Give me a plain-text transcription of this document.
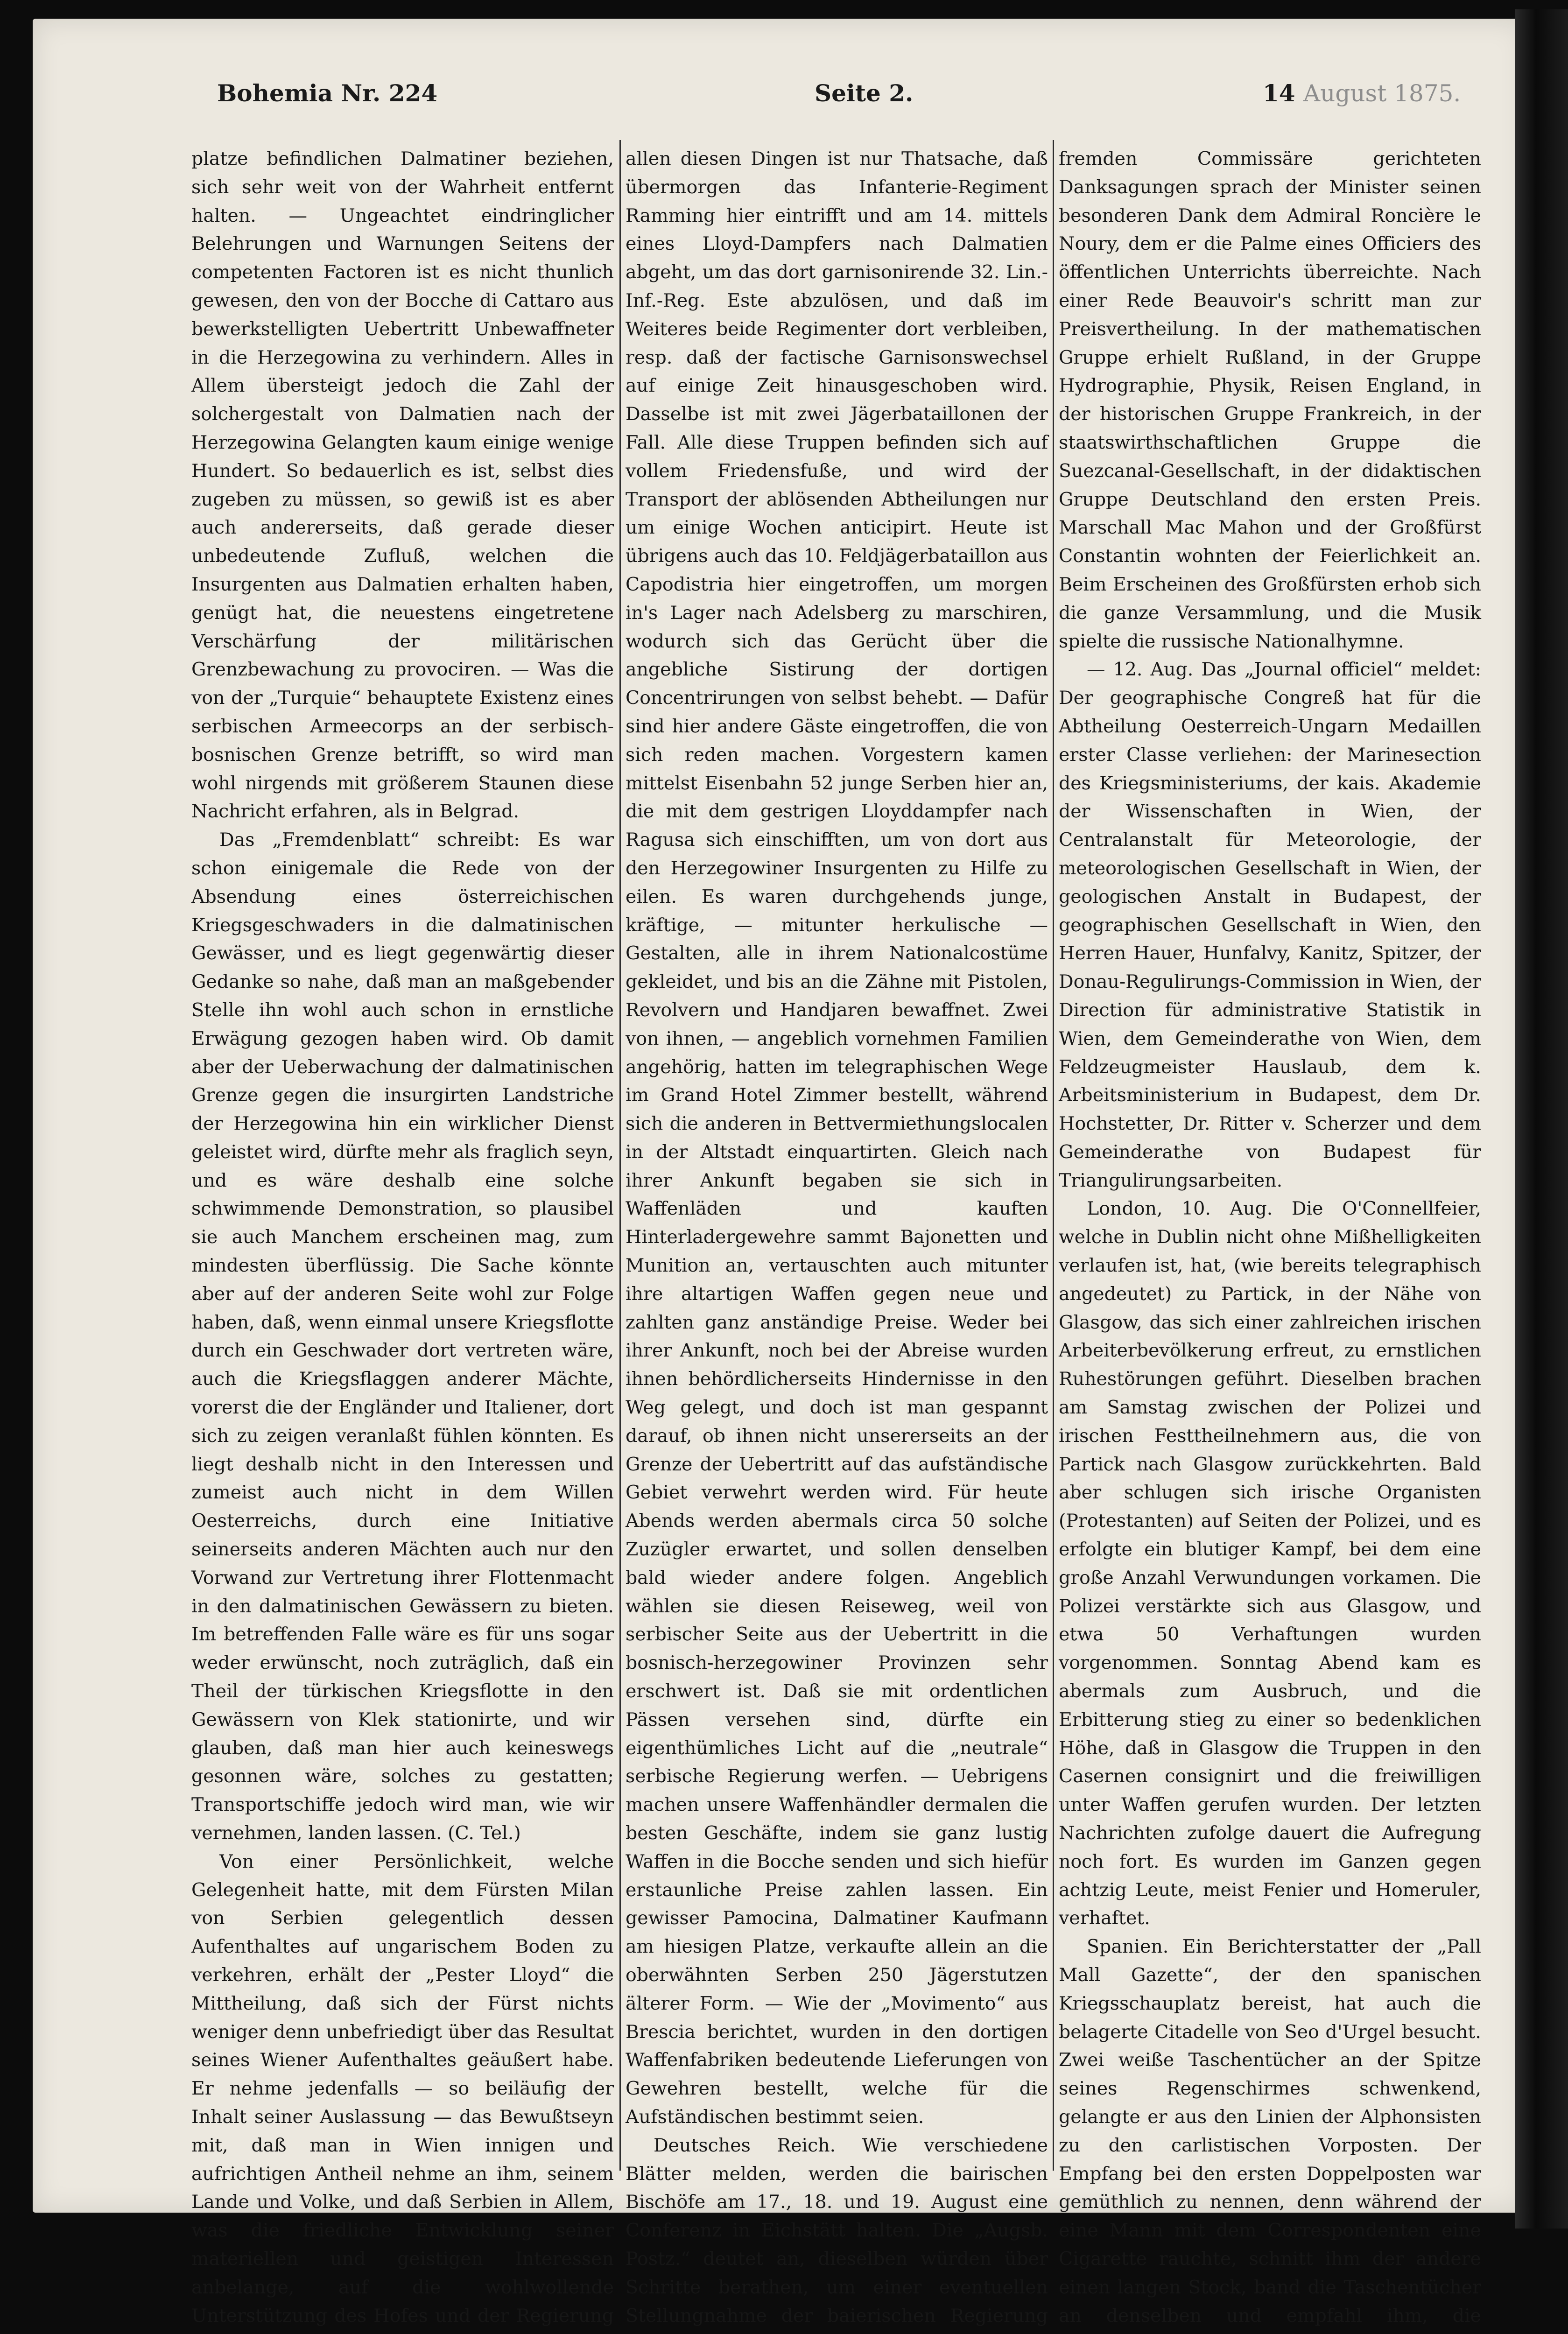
Bohemia Nr. 224	Seite 2.	14 August 1875.

platze befindlichen Dalmatiner beziehen, sich sehr weit von der Wahrheit entfernt halten. — Ungeachtet eindringlicher Belehrungen und Warnungen Seitens der competenten Factoren ist es nicht thunlich gewesen, den von der Bocche di Cattaro aus bewerkstelligten Uebertritt Unbewaffneter in die Herzegowina zu verhindern. Alles in Allem übersteigt jedoch die Zahl der solchergestalt von Dalmatien nach der Herzegowina Gelangten kaum einige wenige Hundert. So bedauerlich es ist, selbst dies zugeben zu müssen, so gewiß ist es aber auch andererseits, daß gerade dieser unbedeutende Zufluß, welchen die Insurgenten aus Dalmatien erhalten haben, genügt hat, die neuestens eingetretene Verschärfung der militärischen Grenzbewachung zu provociren. — Was die von der „Turquie“ behauptete Existenz eines serbischen Armeecorps an der serbisch-bosnischen Grenze betrifft, so wird man wohl nirgends mit größerem Staunen diese Nachricht erfahren, als in Belgrad.

Das „Fremdenblatt“ schreibt: Es war schon einigemale die Rede von der Absendung eines österreichischen Kriegsgeschwaders in die dalmatinischen Gewässer, und es liegt gegenwärtig dieser Gedanke so nahe, daß man an maßgebender Stelle ihn wohl auch schon in ernstliche Erwägung gezogen haben wird. Ob damit aber der Ueberwachung der dalmatinischen Grenze gegen die insurgirten Landstriche der Herzegowina hin ein wirklicher Dienst geleistet wird, dürfte mehr als fraglich seyn, und es wäre deshalb eine solche schwimmende Demonstration, so plausibel sie auch Manchem erscheinen mag, zum mindesten überflüssig. Die Sache könnte aber auf der anderen Seite wohl zur Folge haben, daß, wenn einmal unsere Kriegsflotte durch ein Geschwader dort vertreten wäre, auch die Kriegsflaggen anderer Mächte, vorerst die der Engländer und Italiener, dort sich zu zeigen veranlaßt fühlen könnten. Es liegt deshalb nicht in den Interessen und zumeist auch nicht in dem Willen Oesterreichs, durch eine Initiative seinerseits anderen Mächten auch nur den Vorwand zur Vertretung ihrer Flottenmacht in den dalmatinischen Gewässern zu bieten. Im betreffenden Falle wäre es für uns sogar weder erwünscht, noch zuträglich, daß ein Theil der türkischen Kriegsflotte in den Gewässern von Klek stationirte, und wir glauben, daß man hier auch keineswegs gesonnen wäre, solches zu gestatten; Transportschiffe jedoch wird man, wie wir vernehmen, landen lassen. (C. Tel.)

Von einer Persönlichkeit, welche Gelegenheit hatte, mit dem Fürsten Milan von Serbien gelegentlich dessen Aufenthaltes auf ungarischem Boden zu verkehren, erhält der „Pester Lloyd“ die Mittheilung, daß sich der Fürst nichts weniger denn unbefriedigt über das Resultat seines Wiener Aufenthaltes geäußert habe. Er nehme jedenfalls — so beiläufig der Inhalt seiner Auslassung — das Bewußtseyn mit, daß man in Wien innigen und aufrichtigen Antheil nehme an ihm, seinem Lande und Volke, und daß Serbien in Allem, was die friedliche Entwicklung seiner materiellen und geistigen Interessen anbelange, auf die wohlwollende Unterstützung des Hofes und der Regierung

allen diesen Dingen ist nur Thatsache, daß übermorgen das Infanterie-Regiment Ramming hier eintrifft und am 14. mittels eines Lloyd-Dampfers nach Dalmatien abgeht, um das dort garnisonirende 32. Lin.-Inf.-Reg. Este abzulösen, und daß im Weiteres beide Regimenter dort verbleiben, resp. daß der factische Garnisonswechsel auf einige Zeit hinausgeschoben wird. Dasselbe ist mit zwei Jägerbataillonen der Fall. Alle diese Truppen befinden sich auf vollem Friedensfuße, und wird der Transport der ablösenden Abtheilungen nur um einige Wochen anticipirt. Heute ist übrigens auch das 10. Feldjägerbataillon aus Capodistria hier eingetroffen, um morgen in's Lager nach Adelsberg zu marschiren, wodurch sich das Gerücht über die angebliche Sistirung der dortigen Concentrirungen von selbst behebt. — Dafür sind hier andere Gäste eingetroffen, die von sich reden machen. Vorgestern kamen mittelst Eisenbahn 52 junge Serben hier an, die mit dem gestrigen Lloyddampfer nach Ragusa sich einschifften, um von dort aus den Herzegowiner Insurgenten zu Hilfe zu eilen. Es waren durchgehends junge, kräftige, — mitunter herkulische — Gestalten, alle in ihrem Nationalcostüme gekleidet, und bis an die Zähne mit Pistolen, Revolvern und Handjaren bewaffnet. Zwei von ihnen, — angeblich vornehmen Familien angehörig, hatten im telegraphischen Wege im Grand Hotel Zimmer bestellt, während sich die anderen in Bettvermiethungslocalen in der Altstadt einquartirten. Gleich nach ihrer Ankunft begaben sie sich in Waffenläden und kauften Hinterladergewehre sammt Bajonetten und Munition an, vertauschten auch mitunter ihre altartigen Waffen gegen neue und zahlten ganz anständige Preise. Weder bei ihrer Ankunft, noch bei der Abreise wurden ihnen behördlicherseits Hindernisse in den Weg gelegt, und doch ist man gespannt darauf, ob ihnen nicht unsererseits an der Grenze der Uebertritt auf das aufständische Gebiet verwehrt werden wird. Für heute Abends werden abermals circa 50 solche Zuzügler erwartet, und sollen denselben bald wieder andere folgen. Angeblich wählen sie diesen Reiseweg, weil von serbischer Seite aus der Uebertritt in die bosnisch-herzegowiner Provinzen sehr erschwert ist. Daß sie mit ordentlichen Pässen versehen sind, dürfte ein eigenthümliches Licht auf die „neutrale“ serbische Regierung werfen. — Uebrigens machen unsere Waffenhändler dermalen die besten Geschäfte, indem sie ganz lustig Waffen in die Bocche senden und sich hiefür erstaunliche Preise zahlen lassen. Ein gewisser Pamocina, Dalmatiner Kaufmann am hiesigen Platze, verkaufte allein an die oberwähnten Serben 250 Jägerstutzen älterer Form. — Wie der „Movimento“ aus Brescia berichtet, wurden in den dortigen Waffenfabriken bedeutende Lieferungen von Gewehren bestellt, welche für die Aufständischen bestimmt seien.

Deutsches Reich. Wie verschiedene Blätter melden, werden die bairischen Bischöfe am 17., 18. und 19. August eine Conferenz in Eichstätt halten. Die „Augsb. Postz.“ deutet an, dieselben würden über Schritte berathen, um einer eventuellen Stellungnahme der baierischen Regierung

fremden Commissäre gerichteten Danksagungen sprach der Minister seinen besonderen Dank dem Admiral Roncière le Noury, dem er die Palme eines Officiers des öffentlichen Unterrichts überreichte. Nach einer Rede Beauvoir's schritt man zur Preisvertheilung. In der mathematischen Gruppe erhielt Rußland, in der Gruppe Hydrographie, Physik, Reisen England, in der historischen Gruppe Frankreich, in der staatswirthschaftlichen Gruppe die Suezcanal-Gesellschaft, in der didaktischen Gruppe Deutschland den ersten Preis. Marschall Mac Mahon und der Großfürst Constantin wohnten der Feierlichkeit an. Beim Erscheinen des Großfürsten erhob sich die ganze Versammlung, und die Musik spielte die russische Nationalhymne.

— 12. Aug. Das „Journal officiel“ meldet: Der geographische Congreß hat für die Abtheilung Oesterreich-Ungarn Medaillen erster Classe verliehen: der Marinesection des Kriegsministeriums, der kais. Akademie der Wissenschaften in Wien, der Centralanstalt für Meteorologie, der meteorologischen Gesellschaft in Wien, der geologischen Anstalt in Budapest, der geographischen Gesellschaft in Wien, den Herren Hauer, Hunfalvy, Kanitz, Spitzer, der Donau-Regulirungs-Commission in Wien, der Direction für administrative Statistik in Wien, dem Gemeinderathe von Wien, dem Feldzeugmeister Hauslaub, dem k. Arbeitsministerium in Budapest, dem Dr. Hochstetter, Dr. Ritter v. Scherzer und dem Gemeinderathe von Budapest für Triangulirungsarbeiten.

London, 10. Aug. Die O'Connellfeier, welche in Dublin nicht ohne Mißhelligkeiten verlaufen ist, hat, (wie bereits telegraphisch angedeutet) zu Partick, in der Nähe von Glasgow, das sich einer zahlreichen irischen Arbeiterbevölkerung erfreut, zu ernstlichen Ruhestörungen geführt. Dieselben brachen am Samstag zwischen der Polizei und irischen Festtheilnehmern aus, die von Partick nach Glasgow zurückkehrten. Bald aber schlugen sich irische Organisten (Protestanten) auf Seiten der Polizei, und es erfolgte ein blutiger Kampf, bei dem eine große Anzahl Verwundungen vorkamen. Die Polizei verstärkte sich aus Glasgow, und etwa 50 Verhaftungen wurden vorgenommen. Sonntag Abend kam es abermals zum Ausbruch, und die Erbitterung stieg zu einer so bedenklichen Höhe, daß in Glasgow die Truppen in den Casernen consignirt und die freiwilligen unter Waffen gerufen wurden. Der letzten Nachrichten zufolge dauert die Aufregung noch fort. Es wurden im Ganzen gegen achtzig Leute, meist Fenier und Homeruler, verhaftet.

Spanien. Ein Berichterstatter der „Pall Mall Gazette“, der den spanischen Kriegsschauplatz bereist, hat auch die belagerte Citadelle von Seo d'Urgel besucht. Zwei weiße Taschentücher an der Spitze seines Regenschirmes schwenkend, gelangte er aus den Linien der Alphonsisten zu den carlistischen Vorposten. Der Empfang bei den ersten Doppelposten war gemüthlich zu nennen, denn während der eine Mann mit dem Correspondenten eine Cigarette rauchte, schnitt ihm der andere einen langen Stock, band die Taschentücher an denselben und empfahl ihm, die
